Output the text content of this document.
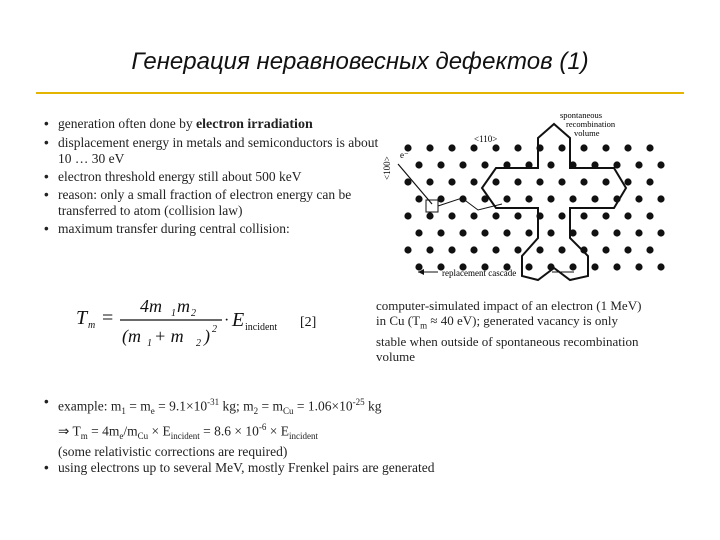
Генерация неравновесных дефектов (1)
• generation often done by electron irradiation
• displacement energy in metals and semiconductors is about 10 … 30 eV
• electron threshold energy still about 500 keV
• reason: only a small fraction of electron energy can be transferred to atom (collision law)
• maximum transfer during central collision:
T m =
4m 1 m 2
(m 1 + m 2 ) 2
· E incident [2]
spontaneous
recombination
volume
<110>
<100>
e⁻
replacement cascade
computer-simulated impact of an electron (1 MeV)
in Cu ($T_m \approx 40$ eV); generated vacancy is only
stable when outside of spontaneous recombination
volume
• example: $m_1 = m_e = 9.1\times 10^{-31}$ kg; $m_2 = m_{Cu} = 1.06\times 10^{-25}$ kg
⇒ $T_m = 4m_e/m_{Cu} \times E_{incident} = 8.6 \times 10^{-6} \times E_{incident}$
(some relativistic corrections are required)
• using electrons up to several MeV, mostly Frenkel pairs are generated
